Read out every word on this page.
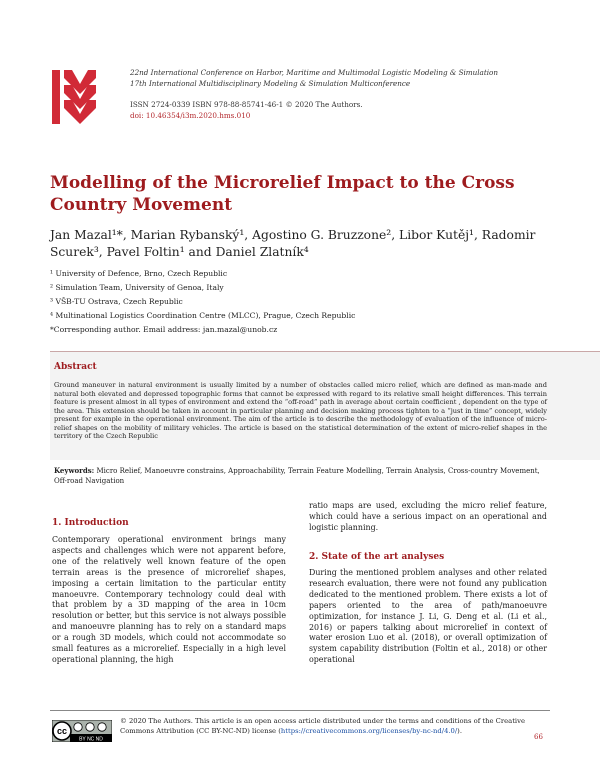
22nd International Conference on Harbor, Maritime and Multimodal Logistic Modeling & Simulation
17th International Multidisciplinary Modeling & Simulation Multiconference
ISSN 2724-0339 ISBN 978-88-85741-46-1 © 2020 The Authors.
doi: 10.46354/i3m.2020.hms.010
Modelling of the Microrelief Impact to the Cross
Country Movement
Jan Mazal¹*, Marian Rybanský¹, Agostino G. Bruzzone², Libor Kutěj¹, Radomir
Scurek³, Pavel Foltin¹ and Daniel Zlatník⁴
¹ University of Defence, Brno, Czech Republic
² Simulation Team, University of Genoa, Italy
³ VŠB-TU Ostrava, Czech Republic
⁴ Multinational Logistics Coordination Centre (MLCC), Prague, Czech Republic
*Corresponding author. Email address: jan.mazal@unob.cz
Abstract
Ground maneuver in natural environment is usually limited by a number of obstacles called micro relief, which are defined as man-made and natural both elevated and depressed topographic forms that cannot be expressed with regard to its relative small height differences. This terrain feature is present almost in all types of environment and extend the “off-road” path in average about certain coefficient , dependent on the type of the area. This extension should be taken in account in particular planning and decision making process tighten to a “just in time” concept, widely present for example in the operational environment. The aim of the article is to describe the methodology of evaluation of the influence of micro-relief shapes on the mobility of military vehicles. The article is based on the statistical determination of the extent of micro-relief shapes in the territory of the Czech Republic
Keywords: Micro Relief, Manoeuvre constrains, Approachability, Terrain Feature Modelling, Terrain Analysis, Cross-country Movement, Off-road Navigation
1. Introduction
Contemporary operational environment brings many aspects and challenges which were not apparent before, one of the relatively well known feature of the open terrain areas is the presence of microrelief shapes, imposing a certain limitation to the particular entity manoeuvre. Contemporary technology could deal with that problem by a 3D mapping of the area in 10cm resolution or better, but this service is not always possible and manoeuvre planning has to rely on a standard maps or a rough 3D models, which could not accommodate so small features as a microrelief. Especially in a high level operational planning, the high
ratio maps are used, excluding the micro relief feature, which could have a serious impact on an operational and logistic planning.
2. State of the art analyses
During the mentioned problem analyses and other related research evaluation, there were not found any publication dedicated to the mentioned problem. There exists a lot of papers oriented to the area of path/manoeuvre optimization, for instance J. Li, G. Deng et al. (Li et al., 2016) or papers talking about microrelief in context of water erosion Luo et al. (2018), or overall optimization of system capability distribution (Foltin et al., 2018) or other operational
cc
BY NC ND
© 2020 The Authors. This article is an open access article distributed under the terms and conditions of the Creative Commons Attribution (CC BY-NC-ND) license (https://creativecommons.org/licenses/by-nc-nd/4.0/).
66
